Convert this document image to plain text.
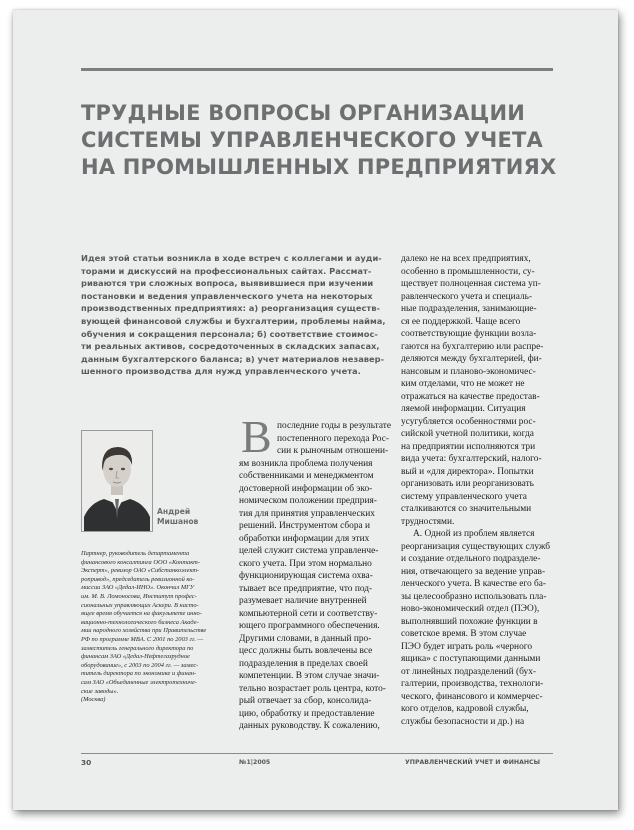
ТРУДНЫЕ ВОПРОСЫ ОРГАНИЗАЦИИ
СИСТЕМЫ УПРАВЛЕНЧЕСКОГО УЧЕТА
НА ПРОМЫШЛЕННЫХ ПРЕДПРИЯТИЯХ
Идея этой статьи возникла в ходе встреч с коллегами и ауди-
торами и дискуссий на профессиональных сайтах. Рассмат-
риваются три сложных вопроса, выявившиеся при изучении
постановки и ведения управленческого учета на некоторых
производственных предприятиях: а) реорганизация существ-
вующей финансовой службы и бухгалтерии, проблемы найма,
обучения и сокращения персонала; б) соответствие стоимос-
ти реальных активов, сосредоточенных в складских запасах,
данным бухгалтерского баланса; в) учет материалов незавер-
шенного производства для нужд управленческого учета.
далеко не на всех предприятиях,
особенно в промышленности, су-
ществует полноценная система уп-
равленческого учета и специаль-
ные подразделения, занимающие-
ся ее поддержкой. Чаще всего
соответствующие функции возла-
гаются на бухгалтерию или распре-
деляются между бухгалтерией, фи-
нансовым и планово-экономичес-
ким отделами, что не может не
отражаться на качестве предостав-
ляемой информации. Ситуация
усугубляется особенностями рос-
сийской учетной политики, когда
на предприятии исполняются три
вида учета: бухгалтерский, налого-
вый и «для директора». Попытки
организовать или реорганизовать
систему управленческого учета
сталкиваются со значительными
трудностями.
А. Одной из проблем является
реорганизация существующих служб
и создание отдельного подразделе-
ния, отвечающего за ведение управ-
ленческого учета. В качестве его ба-
зы целесообразно использовать пла-
ново-экономический отдел (ПЭО),
выполнявший похожие функции в
советское время. В этом случае
ПЭО будет играть роль «черного
ящика» с поступающими данными
от линейных подразделений (бух-
галтерии, производства, технологи-
ческого, финансового и коммерчес-
кого отделов, кадровой службы,
службы безопасности и др.) на
Андрей
Мишанов
Партнер, руководитель департамента
финансового консалтинга ООО «Контакт-
Эксперт», ревизор ОАО «Сибстанкоэлект-
ропривод», председатель ревизионной ко-
миссии ЗАО «Дедал-ИНО». Окончил МГУ
им. М. В. Ломоносова, Институт профес-
сиональных управляющих Аскери. В насто-
ящее время обучается на факультете инно-
вационно-технологического бизнеса Акаде-
мии народного хозяйства при Правительстве
РФ по программе MBA. С 2001 по 2003 гг. —
заместитель генерального директора по
финансам ЗАО «Дедал-Нефтегазрудное
оборудование», с 2003 по 2004 гг. — замес-
титель директора по экономике и финан-
сам ЗАО «Объединенные электротехниче-
ские заводы».
(Москва)
В последние годы в результате
постепенного перехода Рос-
сии к рыночным отношени-
ям возникла проблема получения
собственниками и менеджментом
достоверной информации об эко-
номическом положении предприя-
тия для принятия управленческих
решений. Инструментом сбора и
обработки информации для этих
целей служит система управленче-
ского учета. При этом нормально
функционирующая система охва-
тывает все предприятие, что под-
разумевает наличие внутренней
компьютерной сети и соответству-
ющего программного обеспечения.
Другими словами, в данный про-
цесс должны быть вовлечены все
подразделения в пределах своей
компетенции. В этом случае значи-
тельно возрастает роль центра, кото-
рый отвечает за сбор, консолида-
цию, обработку и предоставление
данных руководству. К сожалению,
30	№1|2005	УПРАВЛЕНЧЕСКИЙ УЧЕТ И ФИНАНСЫ
